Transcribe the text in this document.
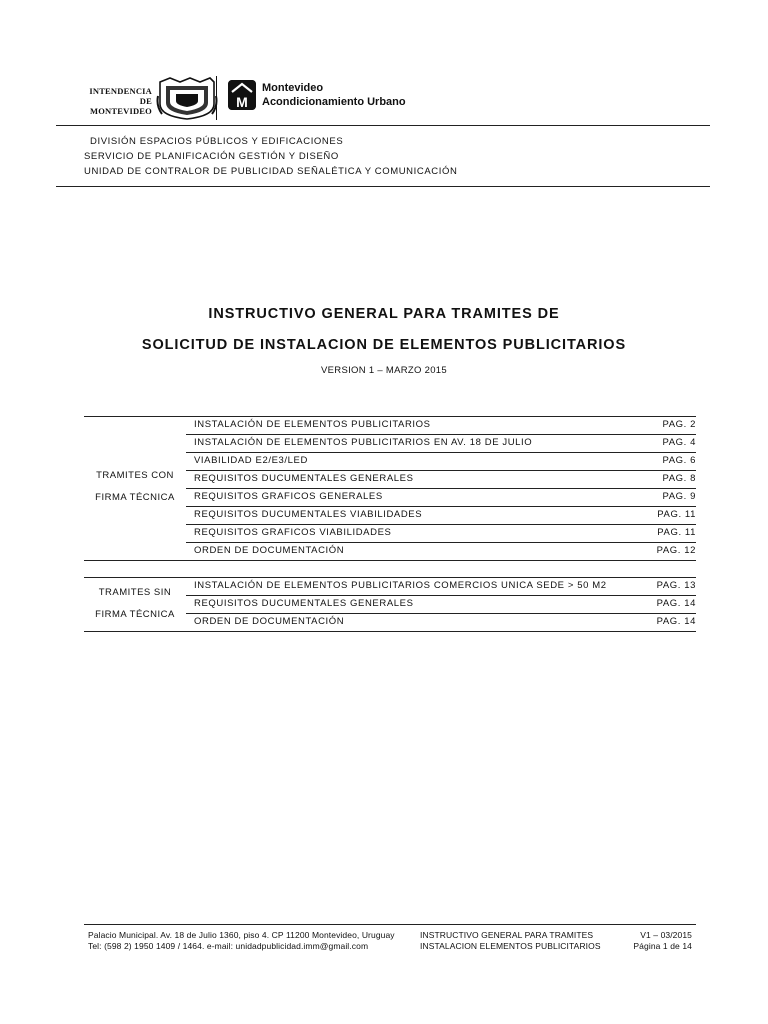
INTENDENCIA
DE MONTEVIDEO
M
Montevideo
Acondicionamiento Urbano
DIVISIÓN ESPACIOS PÚBLICOS Y EDIFICACIONES
SERVICIO DE PLANIFICACIÓN GESTIÓN Y DISEÑO
UNIDAD DE CONTRALOR DE PUBLICIDAD SEÑALÉTICA Y COMUNICACIÓN
INSTRUCTIVO GENERAL PARA TRAMITES DE
SOLICITUD DE INSTALACION DE ELEMENTOS PUBLICITARIOS
VERSION 1 – MARZO 2015
TRAMITES CON
FIRMA TÉCNICA
INSTALACIÓN DE ELEMENTOS PUBLICITARIOS	PAG. 2
INSTALACIÓN DE ELEMENTOS PUBLICITARIOS EN AV. 18 DE JULIO	PAG. 4
VIABILIDAD E2/E3/LED	PAG. 6
REQUISITOS DUCUMENTALES GENERALES	PAG. 8
REQUISITOS GRAFICOS GENERALES	PAG. 9
REQUISITOS DUCUMENTALES VIABILIDADES	PAG. 11
REQUISITOS GRAFICOS VIABILIDADES	PAG. 11
ORDEN DE DOCUMENTACIÓN	PAG. 12
TRAMITES SIN
FIRMA TÉCNICA
INSTALACIÓN DE ELEMENTOS PUBLICITARIOS COMERCIOS UNICA SEDE > 50 M2	PAG. 13
REQUISITOS DUCUMENTALES GENERALES	PAG. 14
ORDEN DE DOCUMENTACIÓN	PAG. 14
Palacio Municipal. Av. 18 de Julio 1360, piso 4. CP 11200 Montevideo, Uruguay
Tel: (598 2) 1950 1409 / 1464. e-mail: unidadpublicidad.imm@gmail.com
INSTRUCTIVO GENERAL PARA TRAMITES
INSTALACION ELEMENTOS PUBLICITARIOS
V1 – 03/2015
Página 1 de 14
